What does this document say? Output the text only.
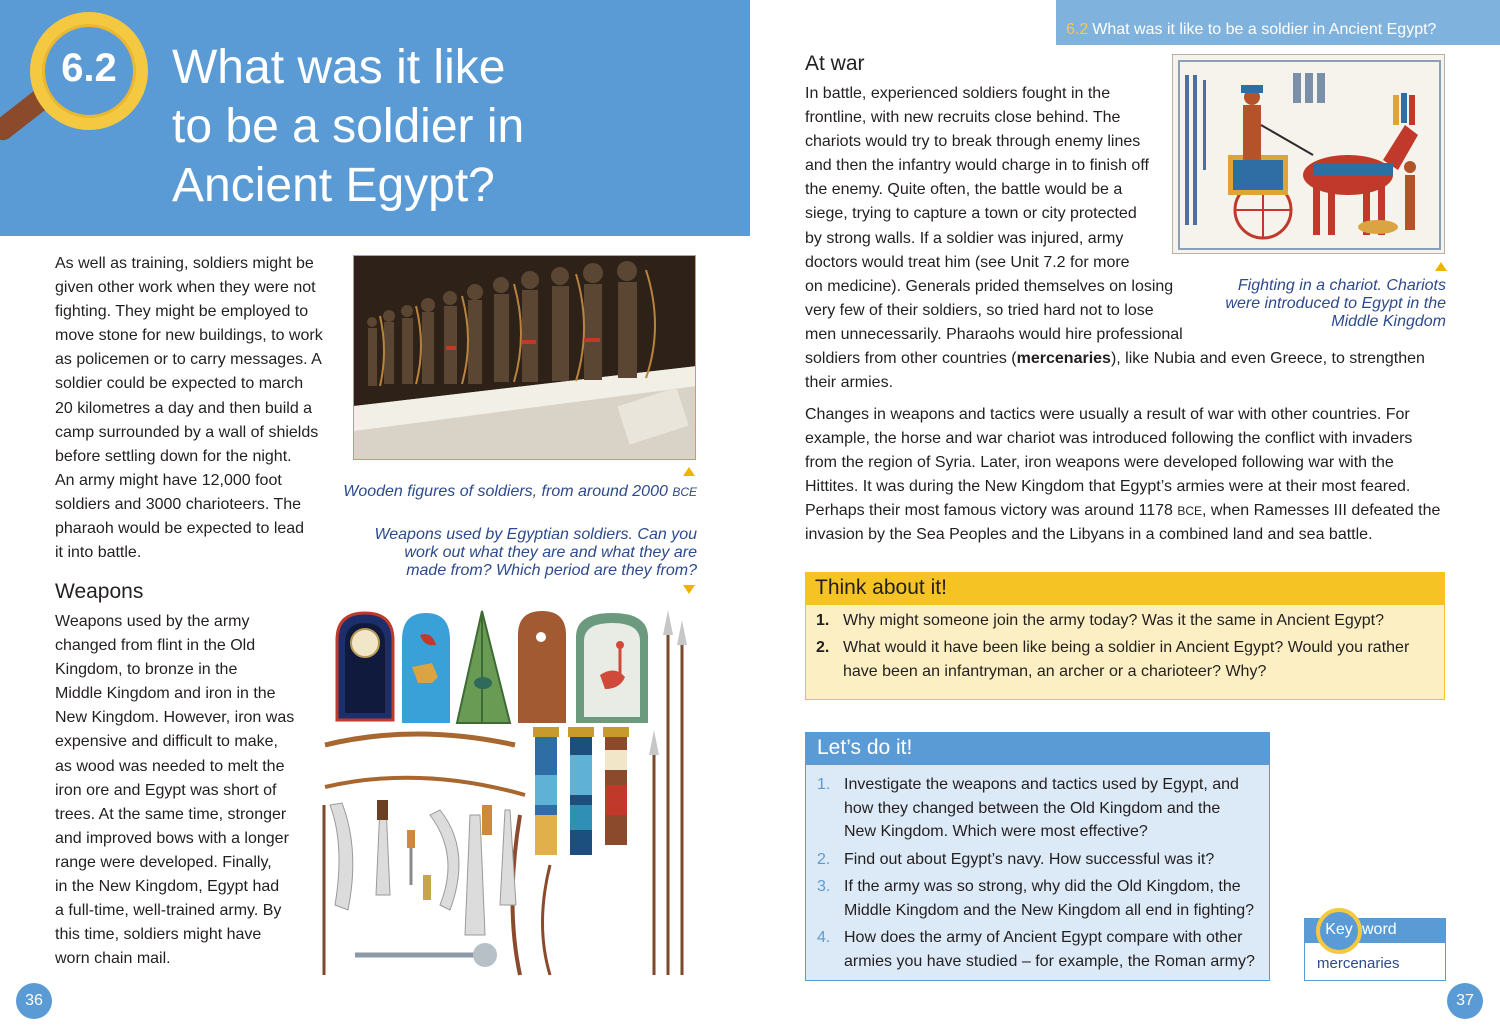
6.2	What was it like
to be a soldier in
Ancient Egypt?
6.2 What was it like to be a soldier in Ancient Egypt?
As well as training, soldiers might be
given other work when they were not
fighting. They might be employed to
move stone for new buildings, to work
as policemen or to carry messages. A
soldier could be expected to march
20 kilometres a day and then build a
camp surrounded by a wall of shields
before settling down for the night.
An army might have 12,000 foot
soldiers and 3000 charioteers. The
pharaoh would be expected to lead
it into battle.
Wooden figures of soldiers, from around 2000 BCE
Weapons used by Egyptian soldiers. Can you
work out what they are and what they are
made from? Which period are they from?
Weapons
Weapons used by the army
changed from flint in the Old
Kingdom, to bronze in the
Middle Kingdom and iron in the
New Kingdom. However, iron was
expensive and difficult to make,
as wood was needed to melt the
iron ore and Egypt was short of
trees. At the same time, stronger
and improved bows with a longer
range were developed. Finally,
in the New Kingdom, Egypt had
a full-time, well-trained army. By
this time, soldiers might have
worn chain mail.
At war
In battle, experienced soldiers fought in the
frontline, with new recruits close behind. The
chariots would try to break through enemy lines
and then the infantry would charge in to finish off
the enemy. Quite often, the battle would be a
siege, trying to capture a town or city protected
by strong walls. If a soldier was injured, army
doctors would treat him (see Unit 7.2 for more
on medicine). Generals prided themselves on losing
very few of their soldiers, so tried hard not to lose
men unnecessarily. Pharaohs would hire professional
soldiers from other countries (mercenaries), like Nubia and even Greece, to strengthen
their armies.
Fighting in a chariot. Chariots
were introduced to Egypt in the
Middle Kingdom
Changes in weapons and tactics were usually a result of war with other countries. For
example, the horse and war chariot was introduced following the conflict with invaders
from the region of Syria. Later, iron weapons were developed following war with the
Hittites. It was during the New Kingdom that Egypt’s armies were at their most feared.
Perhaps their most famous victory was around 1178 BCE, when Ramesses III defeated the
invasion by the Sea Peoples and the Libyans in a combined land and sea battle.
Think about it!
1. Why might someone join the army today? Was it the same in Ancient Egypt?
2. What would it have been like being a soldier in Ancient Egypt? Would you rather
have been an infantryman, an archer or a charioteer? Why?
Let’s do it!
1. Investigate the weapons and tactics used by Egypt, and
how they changed between the Old Kingdom and the
New Kingdom. Which were most effective?
2. Find out about Egypt’s navy. How successful was it?
3. If the army was so strong, why did the Old Kingdom, the
Middle Kingdom and the New Kingdom all end in fighting?
4. How does the army of Ancient Egypt compare with other
armies you have studied – for example, the Roman army?
Key word
mercenaries
36	37
